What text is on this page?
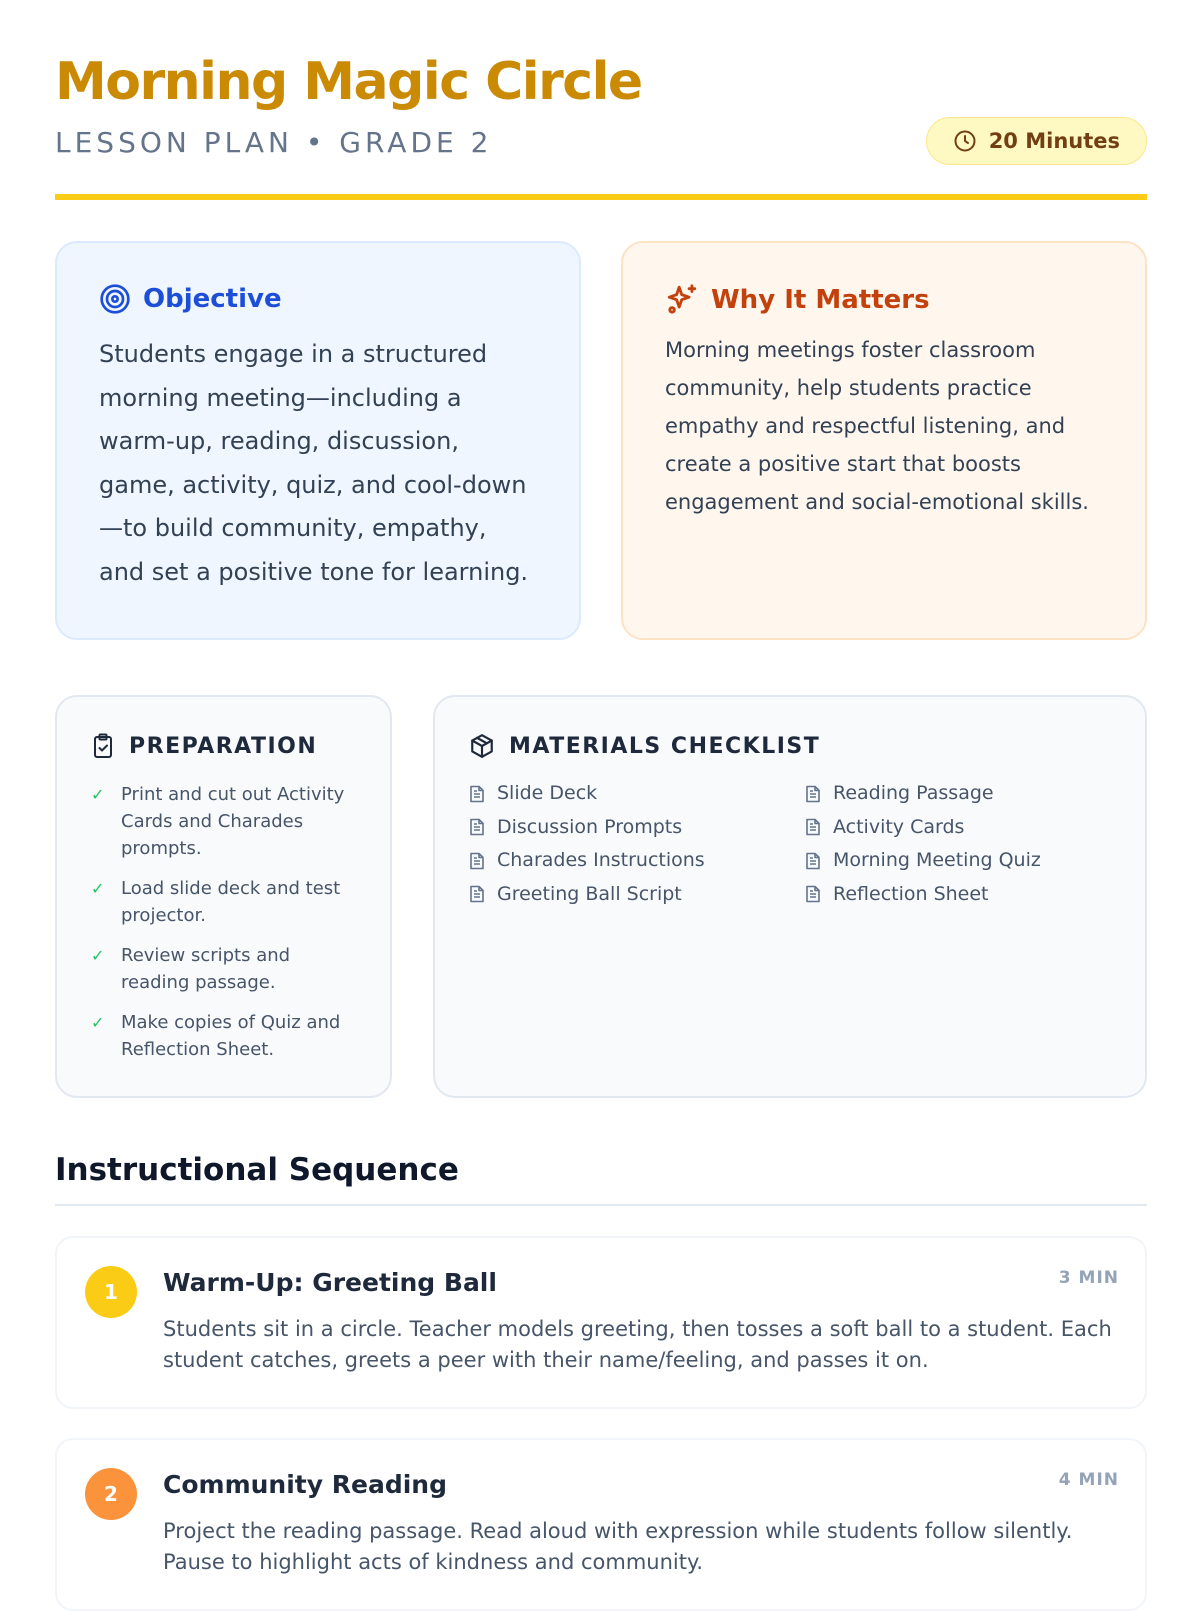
Morning Magic Circle
LESSON PLAN • GRADE 2	20 Minutes
Objective

Students engage in a structured morning meeting—including a warm-up, reading, discussion, game, activity, quiz, and cool-down—to build community, empathy, and set a positive tone for learning.

Why It Matters

Morning meetings foster classroom community, help students practice empathy and respectful listening, and create a positive start that boosts engagement and social-emotional skills.

PREPARATION
✓ Print and cut out Activity Cards and Charades prompts.
✓ Load slide deck and test projector.
✓ Review scripts and reading passage.
✓ Make copies of Quiz and Reflection Sheet.
MATERIALS CHECKLIST
Slide Deck	Reading Passage
Discussion Prompts	Activity Cards
Charades Instructions	Morning Meeting Quiz
Greeting Ball Script	Reflection Sheet
Instructional Sequence
1	Warm-Up: Greeting Ball	3 MIN

Students sit in a circle. Teacher models greeting, then tosses a soft ball to a student. Each student catches, greets a peer with their name/feeling, and passes it on.

2	Community Reading	4 MIN

Project the reading passage. Read aloud with expression while students follow silently. Pause to highlight acts of kindness and community.
